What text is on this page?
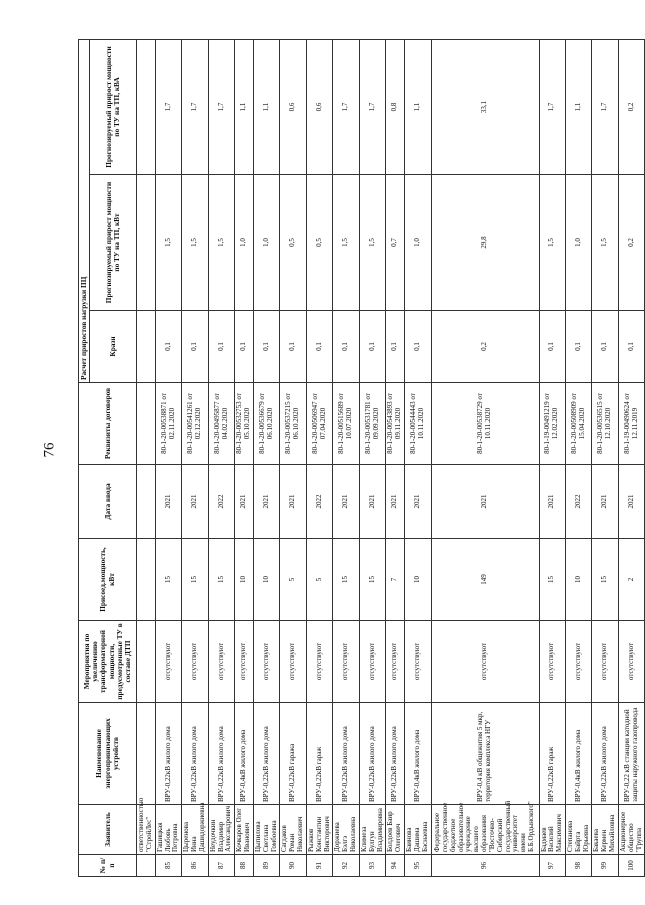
76
№ п/п	Заявитель	Наименование энергопринимающих устройств	Мероприятия по увеличению трансформаторной мощности, предусмотренные ТУ в составе ДТП	Присоед.мощность, кВт	Дата ввода	Реквизиты договоров	Расчет приростов нагрузки ПЦ		
							Кразн	Прогнозируемый прирост мощности по ТУ на ТП, кВт	Прогнозируемый прирост мощности по ТУ на ТП, кВА
	ответственностью "СтройЛес"								
85	Гашицкая Любовь Петровна	ВРУ-0,22кВ жилого дома	отсутствуют	15	2021	80-1-20-00538871 от 02.11.2020	0,1	1,5	1,7
86	Цыренова Инна Дашидоржиевна	ВРУ-0,22кВ жилого дома	отсутствуют	15	2021	80-1-20-00541261 от 02.12.2020	0,1	1,5	1,7
87	Неудочкин Владимир Александрович	ВРУ-0,22кВ жилого дома	отсутствуют	15	2022	80-1-20-00495877 от 04.02.2020	0,1	1,5	1,7
88	Кочкаров Олег Иванович	ВРУ-0,4кВ жилого дома	отсутствуют	10	2021	80-1-20-00532753 от 05.10.2020	0,1	1,0	1,1
89	Цыпилова Светлана Гомбоевна	ВРУ-0,22кВ жилого дома	отсутствуют	10	2021	80-1-20-00536679 от 06.10.2020	0,1	1,0	1,1
90	Сагдаков Роман Николаевич	ВРУ-0,22кВ гаража	отсутствуют	5	2021	80-1-20-00537215 от 06.10.2020	0,1	0,5	0,6
91	Рыжков Константин Викторович	ВРУ-0,22кВ гараж	отсутствуют	5	2022	80-1-20-00506947 от 07.04.2020	0,1	0,5	0,6
92	Доржиева Бэлгэ Николаевна	ВРУ-0,22кВ жилого дома	отсутствуют	15	2021	80-1-20-00515689 от 10.07.2020	0,1	1,5	1,7
93	Климеза Булгун Владимировна	ВРУ-0,22кВ жилого дома	отсутствуют	15	2021	80-1-20-00531781 от 09.09.2020	0,1	1,5	1,7
94	Болдоев Баир Олегович	ВРУ-0,22кВ жилого дома	отсутствуют	7	2021	80-1-20-00543893 от 09.11.2020	0,1	0,7	0,8
95	Баинова Дашима Баснаевна	ВРУ-0,4кВ жилого дома	отсутствуют	10	2021	80-1-20-00544443 от 10.11.2020	0,1	1,0	1,1
96	Федеральное государственное бюджетное образовательное учреждение высшего образования "Восточно-Сибирский государственный университет имени Б.Б.Ордынского"	ВРУ-0,4 кВ общежития 5 мкр, территория комплекса НГУ	отсутствуют	149	2021	80-1-20-00538729 от 10.11.2020	0,2	29,8	33,1
97	Бадмаев Василий Максимович	ВРУ-0,22кВ гараж	отсутствуют	15	2021	80-1-19-00491219 от 12.02.2020	0,1	1,5	1,7
98	Степанова Байрта Юрьевна	ВРУ-0,4кВ жилого дома	отсутствуют	10	2022	80-1-20-00508909 от 15.04.2020	0,1	1,0	1,1
99	Бакаева Кермен Михайловна	ВРУ-0,22кВ жилого дома	отсутствуют	15	2021	80-1-20-00536515 от 12.10.2020	0,1	1,5	1,7
100	Акционерное общество "Группа	ВРУ-0,22 кВ станции катодной защиты наружного газопровода	отсутствуют	2	2021	80-1-19-00490624 от 12.11.2019	0,1	0,2	0,2
